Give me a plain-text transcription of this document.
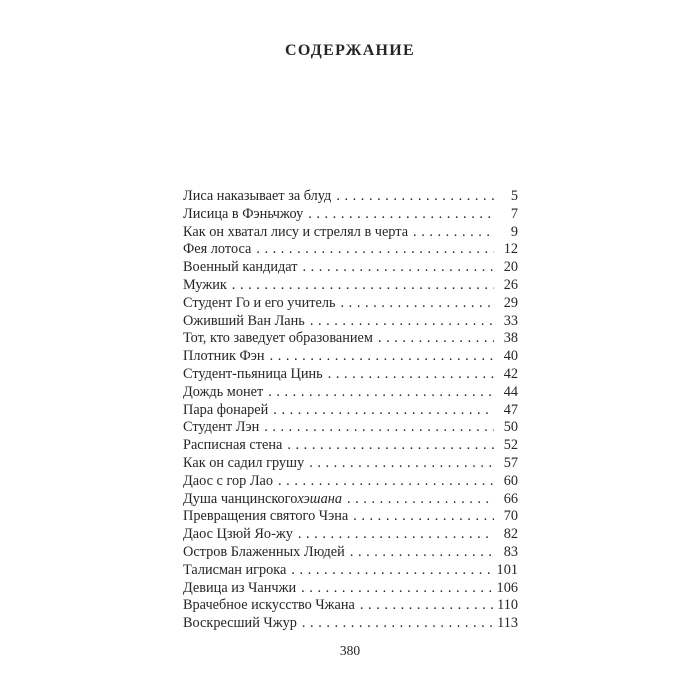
СОДЕРЖАНИЕ
Лиса наказывает за блуд . . .	5
Лисица в Фэньчжоу . . .	7
Как он хватал лису и стрелял в черта . . .	9
Фея лотоса . . .	12
Военный кандидат . . .	20
Мужик . . .	26
Студент Го и его учитель . . .	29
Оживший Ван Лань . . .	33
Тот, кто заведует образованием . . .	38
Плотник Фэн . . .	40
Студент-пьяница Цинь . . .	42
Дождь монет . . .	44
Пара фонарей . . .	47
Студент Лэн . . .	50
Расписная стена . . .	52
Как он садил грушу . . .	57
Даос с гор Лао . . .	60
Душа чанцинского хэшана . . .	66
Превращения святого Чэна . . .	70
Даос Цзюй Яо-жу . . .	82
Остров Блаженных Людей . . .	83
Талисман игрока . . .	101
Девица из Чанчжи . . .	106
Врачебное искусство Чжана . . .	110
Воскресший Чжур . . .	113
380
